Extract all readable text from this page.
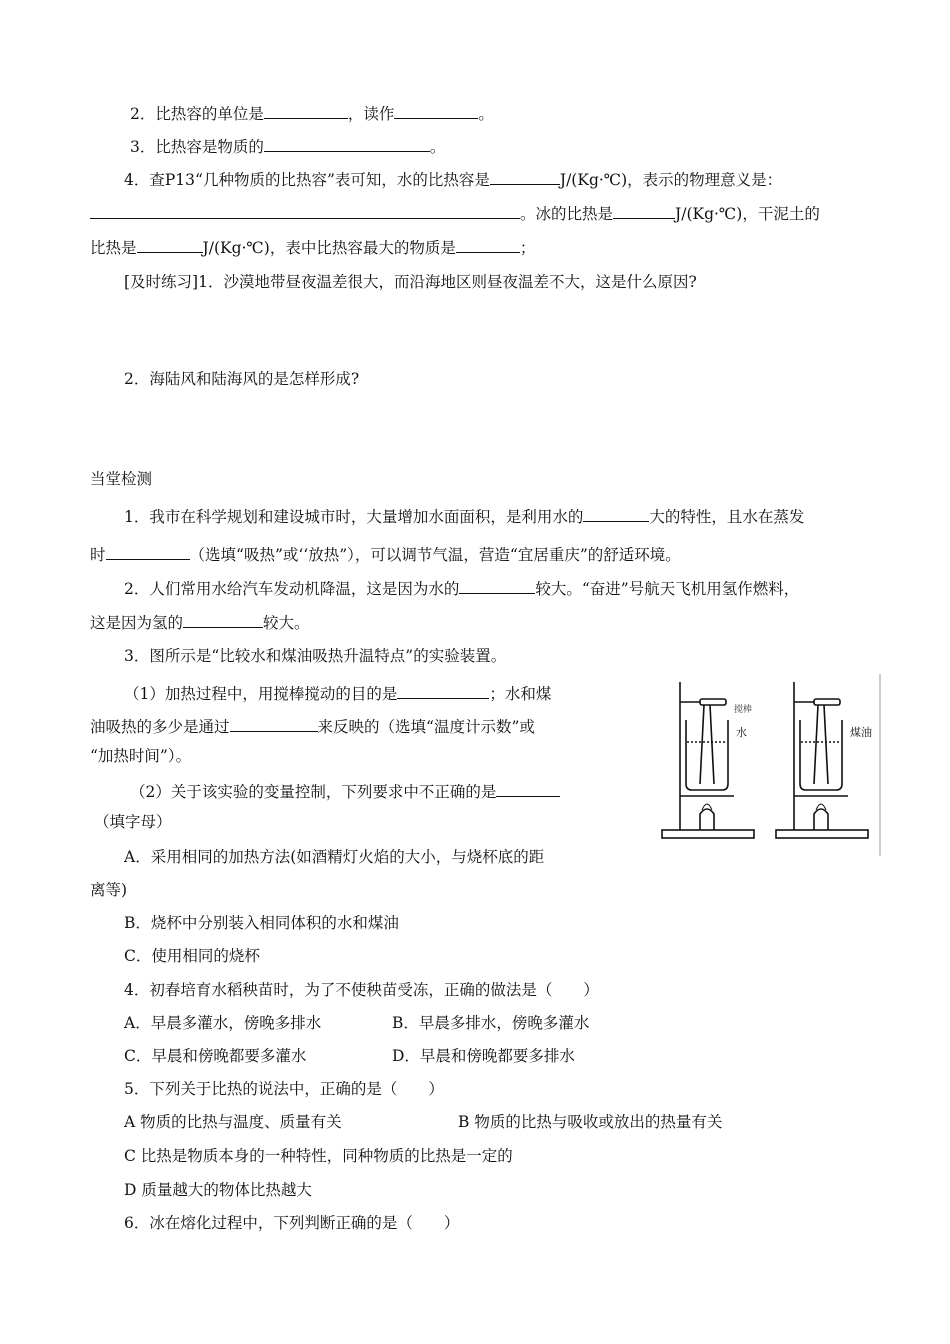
2．比热容的单位是	，读作	。
3．比热容是物质的	。
4．查P13“几种物质的比热容”表可知，水的比热容是	J/(Kg·℃)，表示的物理意义是：
。冰的比热是	J/(Kg·℃)，干泥土的
比热是	J/(Kg·℃)，表中比热容最大的物质是	；
[及时练习]1．沙漠地带昼夜温差很大，而沿海地区则昼夜温差不大，这是什么原因?
2．海陆风和陆海风的是怎样形成?
当堂检测
1．我市在科学规划和建设城市时，大量增加水面面积，是利用水的	大的特性，且水在蒸发
时	（选填“吸热”或‘‘放热”），可以调节气温，营造“宜居重庆”的舒适环境。
2．人们常用水给汽车发动机降温，这是因为水的	较大。“奋进”号航天飞机用氢作燃料，
这是因为氢的	较大。
3．图所示是“比较水和煤油吸热升温特点”的实验装置。
（1）加热过程中，用搅棒搅动的目的是	；水和煤
油吸热的多少是通过	来反映的（选填“温度计示数”或
“加热时间”）。
（2）关于该实验的变量控制，下列要求中不正确的是
（填字母）
A．采用相同的加热方法(如酒精灯火焰的大小，与烧杯底的距
离等)
B．烧杯中分别装入相同体积的水和煤油
C．使用相同的烧杯
4．初春培育水稻秧苗时，为了不使秧苗受冻，正确的做法是（　　）
A．早晨多灌水，傍晚多排水	B．早晨多排水，傍晚多灌水
C．早晨和傍晚都要多灌水	D．早晨和傍晚都要多排水
5．下列关于比热的说法中，正确的是（　　）
A 物质的比热与温度、质量有关	B 物质的比热与吸收或放出的热量有关
C 比热是物质本身的一种特性，同种物质的比热是一定的
D 质量越大的物体比热越大
6．冰在熔化过程中，下列判断正确的是（　　）
搅棒
水	煤油
